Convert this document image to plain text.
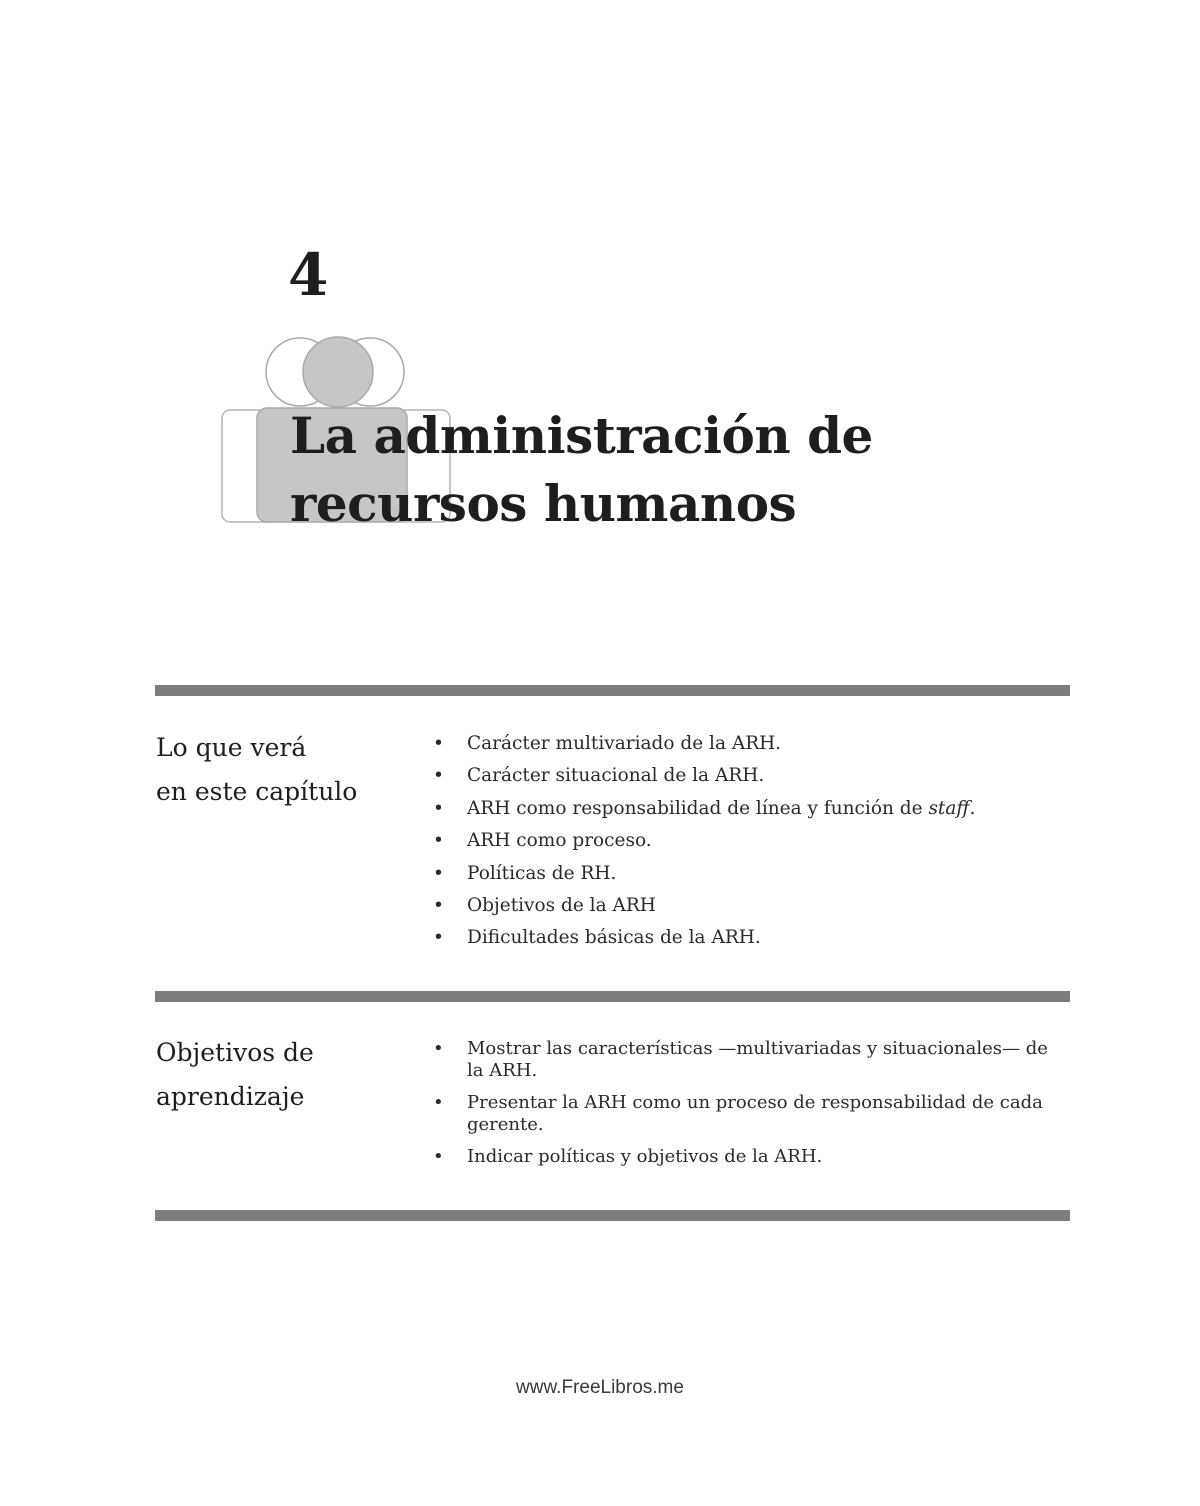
4
La administración de
recursos humanos
Lo que verá
en este capítulo
• Carácter multivariado de la ARH.
• Carácter situacional de la ARH.
• ARH como responsabilidad de línea y función de staff.
• ARH como proceso.
• Políticas de RH.
• Objetivos de la ARH
• Dificultades básicas de la ARH.
Objetivos de
aprendizaje
• Mostrar las características —multivariadas y situacionales— de la ARH.
• Presentar la ARH como un proceso de responsabilidad de cada gerente.
• Indicar políticas y objetivos de la ARH.
www.FreeLibros.me
